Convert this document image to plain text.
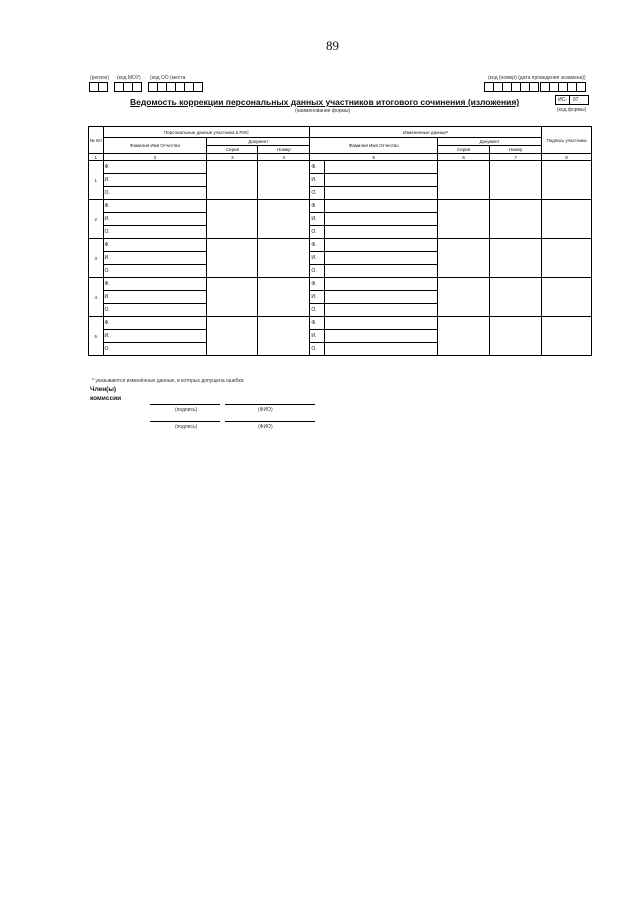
89
(регион) (код МОУ) (код ОО (места	(код (номер) (дата проведения экзамена))
Ведомость коррекции персональных данных участников итогового сочинения (изложения)
(наименование формы)
ИС-	07
(код формы)
№ п/п	Персональные данные участника в РИС			Измененные данные*				Подпись участника
	Фамилия Имя Отчество	Документ		Фамилия Имя Отчество		Документ		
		Серия	Номер			Серия	Номер	
1	2	3	4	5		6	7	8
1	Ф.			Ф.				
	И.			И.				
	О.			О.				
2	Ф.			Ф.				
	И.			И.				
	О.			О.				
3	Ф.			Ф.				
	И.			И.				
	О.			О.				
4	Ф.			Ф.				
	И.			И.				
	О.			О.				
5	Ф.			Ф.				
	И.			И.				
	О.			О.				
* указываются изменённые данные, в которых допущена ошибка
Член(ы)
комиссии
(подпись)	(ФИО)
(подпись)	(ФИО)
